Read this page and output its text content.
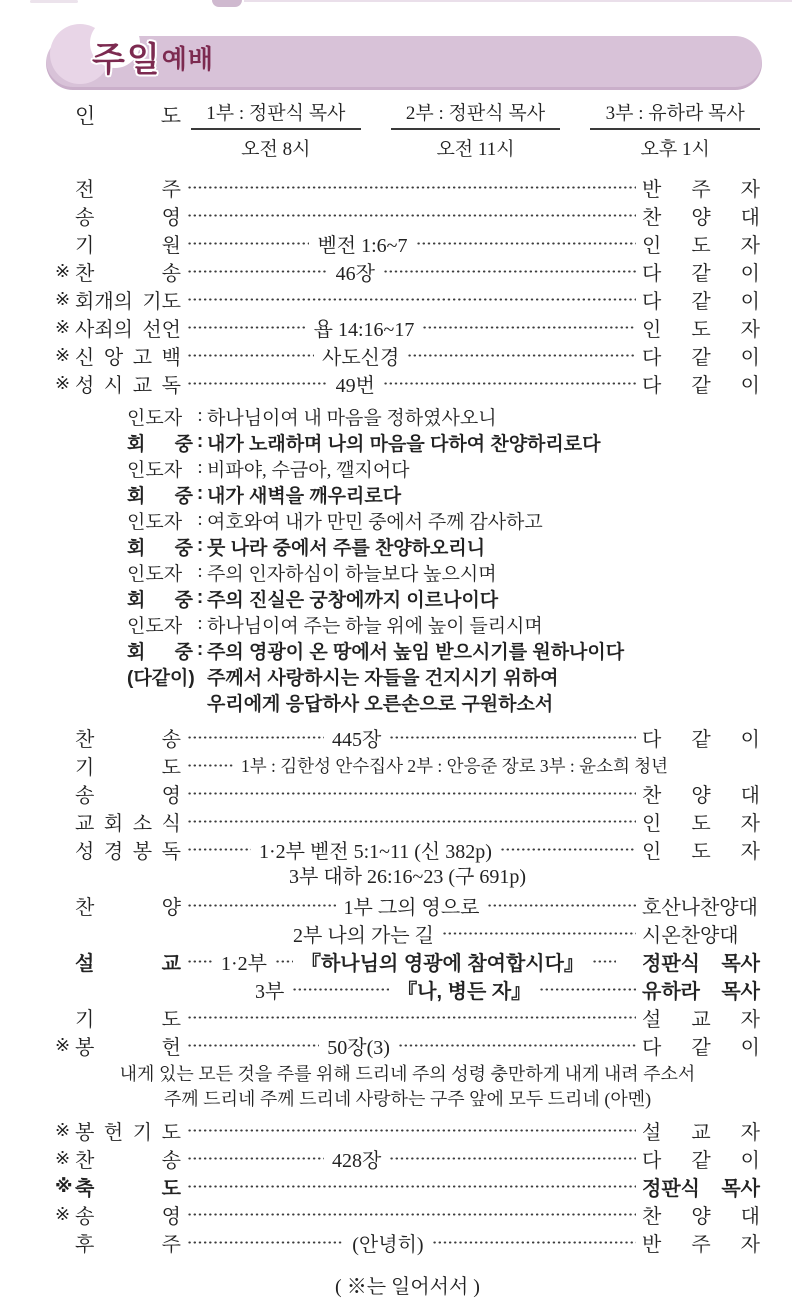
주일 예배
인 도	1부 : 정판식 목사
오전 8시
2부 : 정판식 목사
오전 11시
3부 : 유하라 목사
오후 1시
전 주	반 주 자
송 영	찬 양 대
기 원	벧전 1:6~7	인 도 자
※ 찬 송	46장	다 같 이
※ 회개의 기도	다 같 이
※ 사죄의 선언	욥 14:16~17	인 도 자
※ 신 앙 고 백	사도신경	다 같 이
※ 성 시 교 독	49번	다 같 이
인도자 : 하나님이여 내 마음을 정하였사오니
회 중 : 내가 노래하며 나의 마음을 다하여 찬양하리로다
인도자 : 비파야, 수금아, 깰지어다
회 중 : 내가 새벽을 깨우리로다
인도자 : 여호와여 내가 만민 중에서 주께 감사하고
회 중 : 뭇 나라 중에서 주를 찬양하오리니
인도자 : 주의 인자하심이 하늘보다 높으시며
회 중 : 주의 진실은 궁창에까지 이르나이다
인도자 : 하나님이여 주는 하늘 위에 높이 들리시며
회 중 : 주의 영광이 온 땅에서 높임 받으시기를 원하나이다
(다같이) 주께서 사랑하시는 자들을 건지시기 위하여
우리에게 응답하사 오른손으로 구원하소서
찬 송	445장	다 같 이
기 도	1부 : 김한성 안수집사 2부 : 안응준 장로 3부 : 윤소희 청년
송 영	찬 양 대
교 회 소 식	인 도 자
성 경 봉 독	1·2부 벧전 5:1~11 (신 382p)	인 도 자
3부 대하 26:16~23 (구 691p)
찬 양	1부 그의 영으로	호산나찬양대
2부 나의 가는 길	시온찬양대
설 교 1·2부 『하나님의 영광에 참여합시다』	정판식 목사
3부	『나, 병든 자』	유하라 목사
기 도	설 교 자
※ 봉 헌	50장(3)	다 같 이
내게 있는 모든 것을 주를 위해 드리네 주의 성령 충만하게 내게 내려 주소서
주께 드리네 주께 드리네 사랑하는 구주 앞에 모두 드리네 (아멘)
※ 봉 헌 기 도	설 교 자
※ 찬 송	428장	다 같 이
※ 축 도	정판식 목사
※ 송 영	찬 양 대
후 주	(안녕히)	반 주 자
( ※는 일어서서 )
